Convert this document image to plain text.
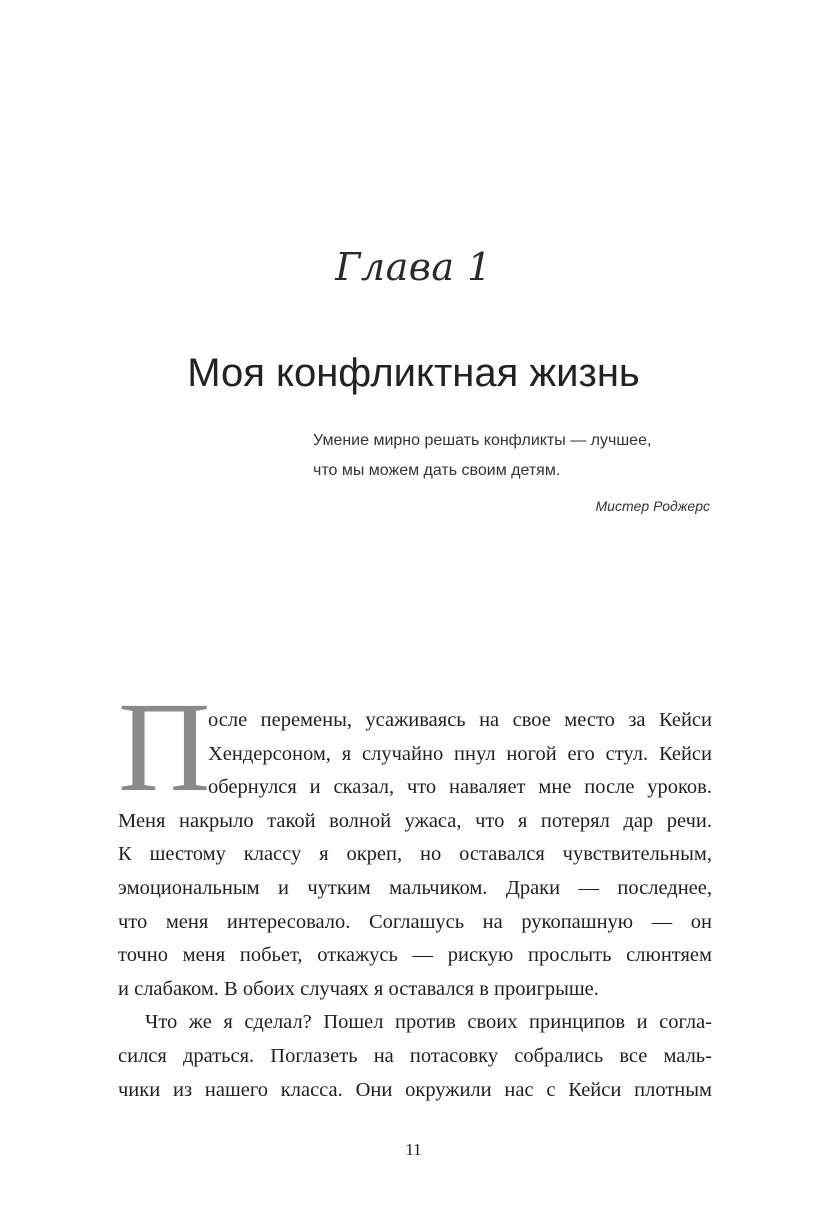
Глава 1
Моя конфликтная жизнь
Умение мирно решать конфликты — лучшее,
что мы можем дать своим детям.
Мистер Роджерс
П
осле перемены, усаживаясь на свое место за Кейси
Хендерсоном, я случайно пнул ногой его стул. Кейси
обернулся и сказал, что наваляет мне после уроков.
Меня накрыло такой волной ужаса, что я потерял дар речи.
К шестому классу я окреп, но оставался чувствительным,
эмоциональным и чутким мальчиком. Драки — последнее,
что меня интересовало. Соглашусь на рукопашную — он
точно меня побьет, откажусь — рискую прослыть слюнтяем
и слабаком. В обоих случаях я оставался в проигрыше.
Что же я сделал? Пошел против своих принципов и согла-
сился драться. Поглазеть на потасовку собрались все маль-
чики из нашего класса. Они окружили нас с Кейси плотным
11
